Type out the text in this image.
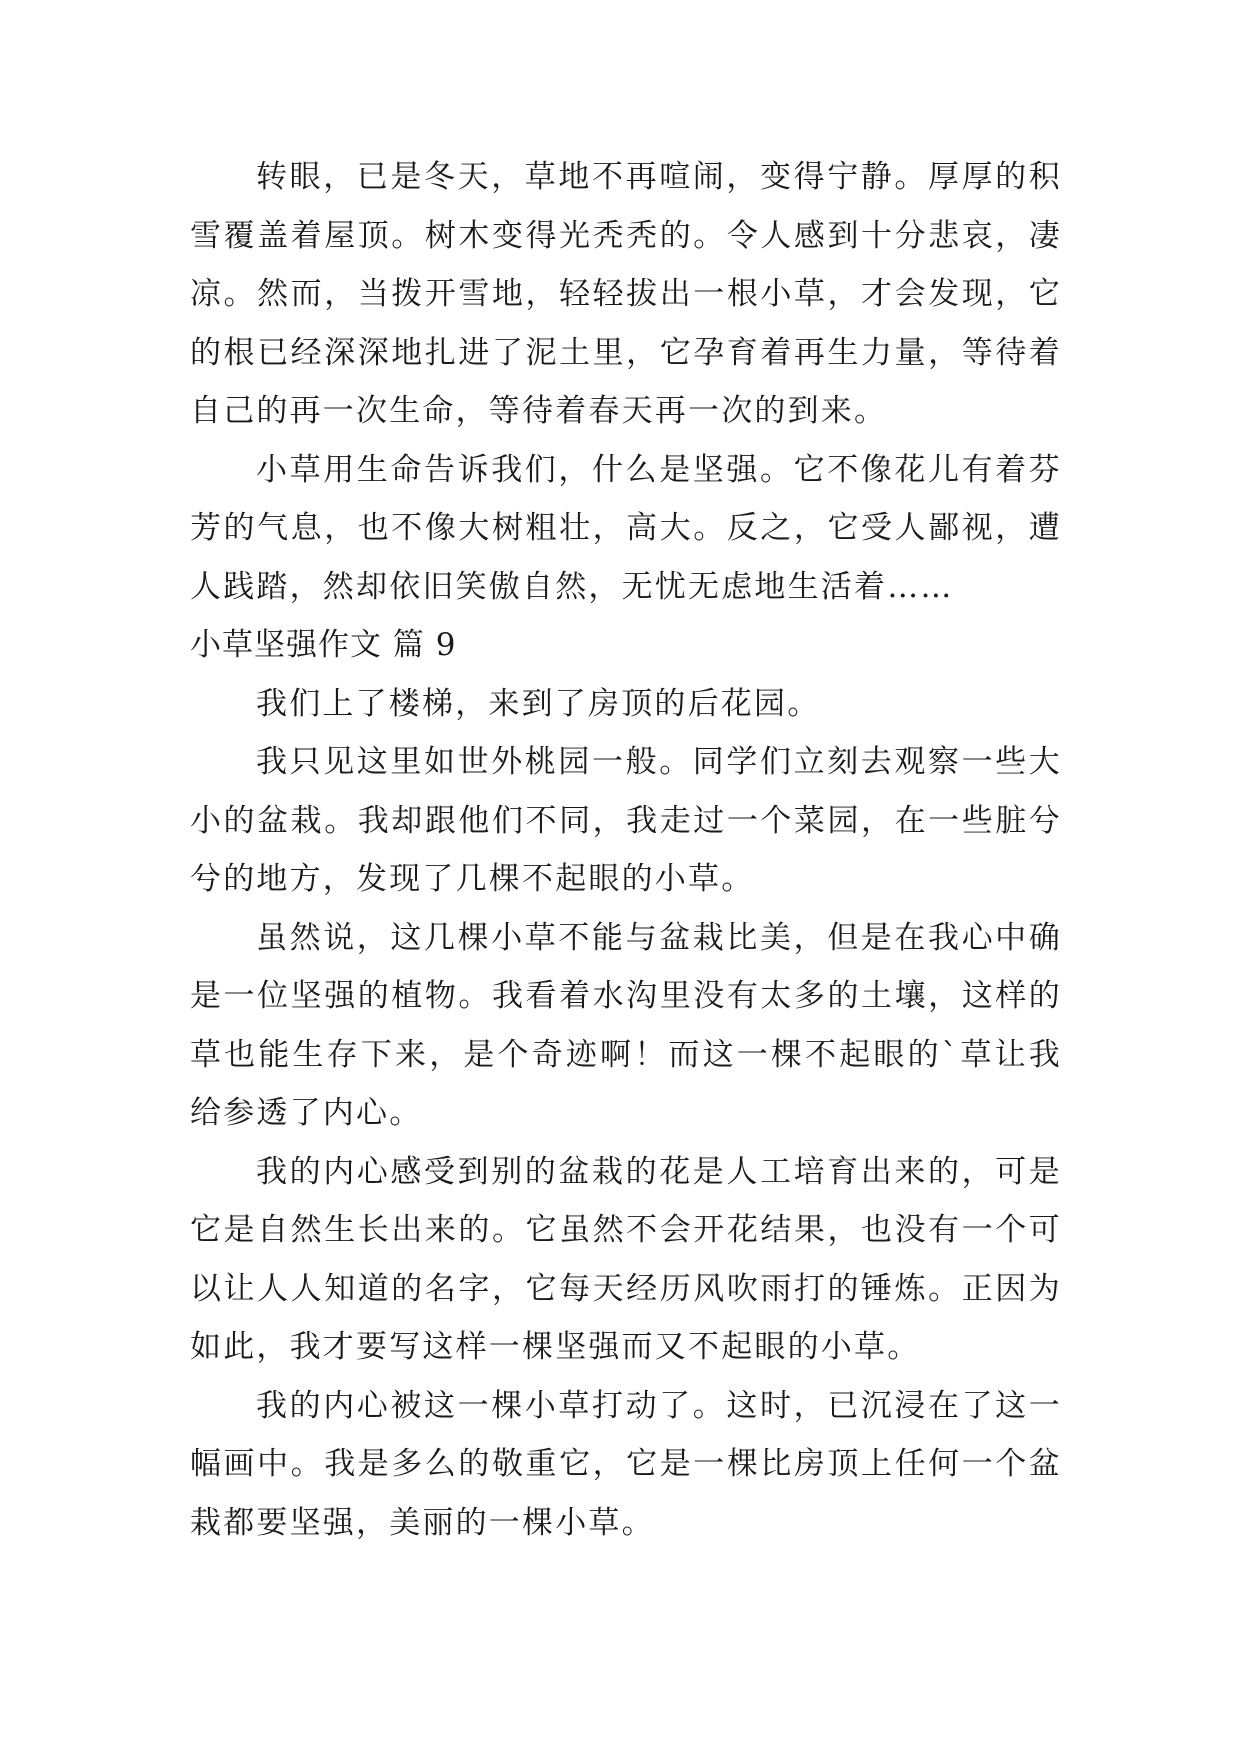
转眼，已是冬天，草地不再喧闹，变得宁静。厚厚的积雪覆盖着屋顶。树木变得光秃秃的。令人感到十分悲哀，凄凉。然而，当拨开雪地，轻轻拔出一根小草，才会发现，它的根已经深深地扎进了泥土里，它孕育着再生力量，等待着自己的再一次生命，等待着春天再一次的到来。

小草用生命告诉我们，什么是坚强。它不像花儿有着芬芳的气息，也不像大树粗壮，高大。反之，它受人鄙视，遭人践踏，然却依旧笑傲自然，无忧无虑地生活着……

小草坚强作文 篇 9

我们上了楼梯，来到了房顶的后花园。

我只见这里如世外桃园一般。同学们立刻去观察一些大小的盆栽。我却跟他们不同，我走过一个菜园，在一些脏兮兮的地方，发现了几棵不起眼的小草。

虽然说，这几棵小草不能与盆栽比美，但是在我心中确是一位坚强的植物。我看着水沟里没有太多的土壤，这样的草也能生存下来，是个奇迹啊！而这一棵不起眼的`草让我给参透了内心。

我的内心感受到别的盆栽的花是人工培育出来的，可是它是自然生长出来的。它虽然不会开花结果，也没有一个可以让人人知道的名字，它每天经历风吹雨打的锤炼。正因为如此，我才要写这样一棵坚强而又不起眼的小草。

我的内心被这一棵小草打动了。这时，已沉浸在了这一幅画中。我是多么的敬重它，它是一棵比房顶上任何一个盆栽都要坚强，美丽的一棵小草。
